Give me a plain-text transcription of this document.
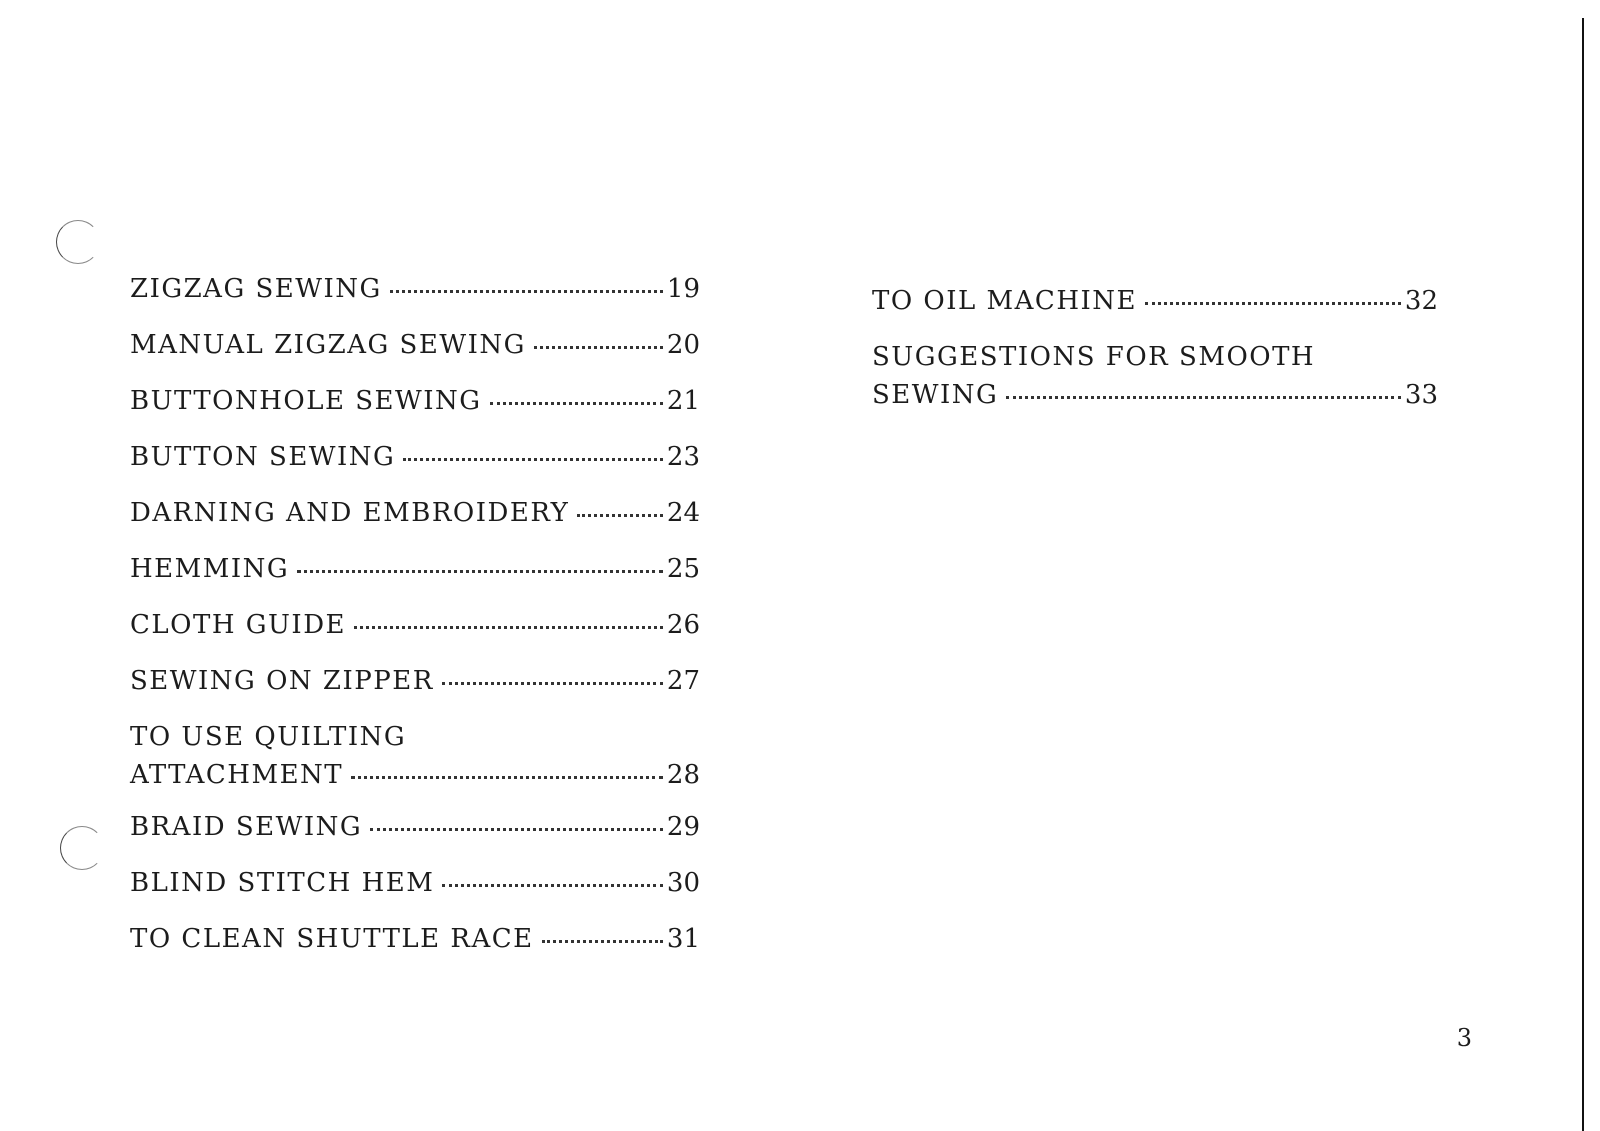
ZIGZAG SEWING	19
MANUAL ZIGZAG SEWING	20
BUTTONHOLE SEWING	21
BUTTON SEWING	23
DARNING AND EMBROIDERY	24
HEMMING	25
CLOTH GUIDE	26
SEWING ON ZIPPER	27
TO USE QUILTING
ATTACHMENT	28
BRAID SEWING	29
BLIND STITCH HEM	30
TO CLEAN SHUTTLE RACE	31
TO OIL MACHINE	32
SUGGESTIONS FOR SMOOTH
SEWING	33
3
